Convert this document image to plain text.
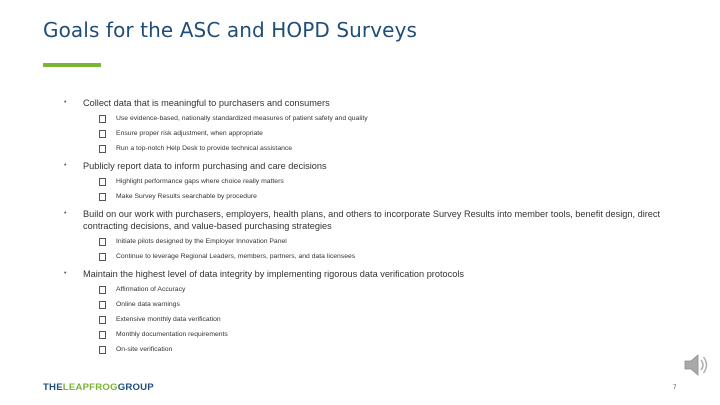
Goals for the ASC and HOPD Surveys
• Collect data that is meaningful to purchasers and consumers
Use evidence-based, nationally standardized measures of patient safety and quality
Ensure proper risk adjustment, when appropriate
Run a top-notch Help Desk to provide technical assistance
• Publicly report data to inform purchasing and care decisions
Highlight performance gaps where choice really matters
Make Survey Results searchable by procedure
• Build on our work with purchasers, employers, health plans, and others to incorporate Survey Results into member tools, benefit design, direct contracting decisions, and value-based purchasing strategies
Initiate pilots designed by the Employer Innovation Panel
Continue to leverage Regional Leaders, members, partners, and data licensees
• Maintain the highest level of data integrity by implementing rigorous data verification protocols
Affirmation of Accuracy
Online data warnings
Extensive monthly data verification
Monthly documentation requirements
On-site verification
THELEAPFROGGROUP	7
